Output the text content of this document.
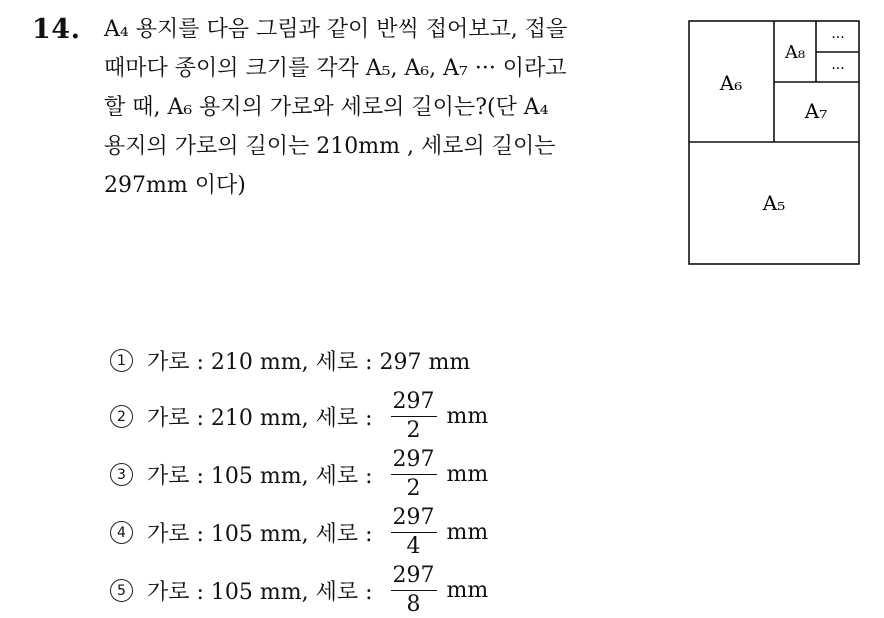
14. A₄ 용지를 다음 그림과 같이 반씩 접어보고, 접을
때마다 종이의 크기를 각각 A₅, A₆, A₇ ··· 이라고
할 때, A₆ 용지의 가로와 세로의 길이는?(단 A₄
용지의 가로의 길이는 210mm , 세로의 길이는
297mm 이다)
A₅
A₆
A₇
A₈
···
···
1 가로 : 210 mm, 세로 : 297 mm
2 가로 : 210 mm, 세로 : $\frac{297}{2}$ mm
3 가로 : 105 mm, 세로 : $\frac{297}{2}$ mm
4 가로 : 105 mm, 세로 : $\frac{297}{4}$ mm
5 가로 : 105 mm, 세로 : $\frac{297}{8}$ mm
